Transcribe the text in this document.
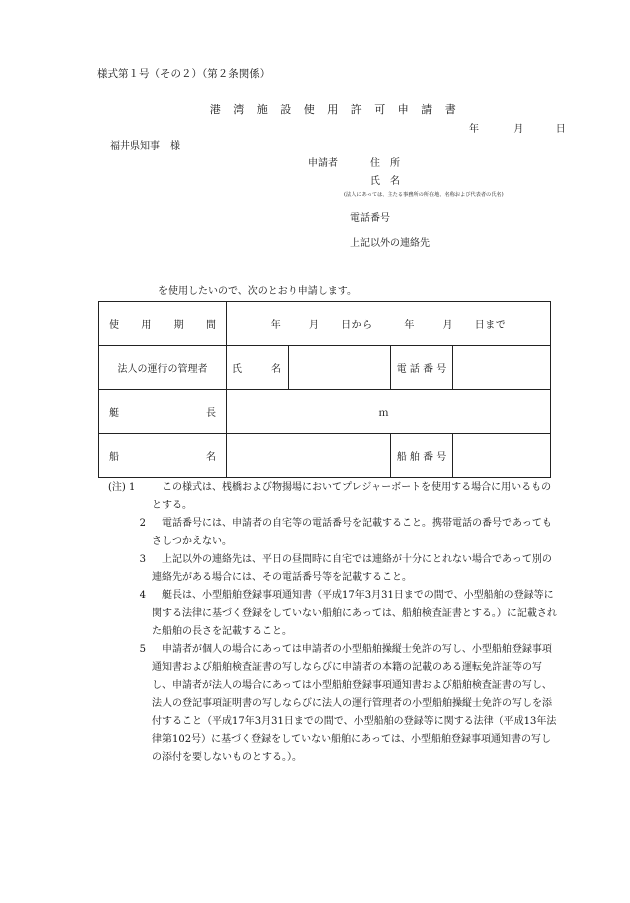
様式第１号（その２）（第２条関係）
港 湾 施 設 使 用 許 可 申 請 書
年	月	日
福井県知事　様
申請者	住　所
氏　名
(法人にあっては、主たる事務所の所在地、名称および代表者の氏名)
電話番号
上記以外の連絡先
を使用したいので、次のとおり申請します。
使 用 期 間	年 月 日から 年 月 日まで			
法人の運行の管理者	氏 名		電 話 番 号	

艇 長	ｍ			

船 名			船 舶 番 号	
(注) 1	この様式は、桟橋および物揚場においてプレジャーボートを使用する場合に用いるものとする。
2	電話番号には、申請者の自宅等の電話番号を記載すること。携帯電話の番号であってもさしつかえない。
3	上記以外の連絡先は、平日の昼間時に自宅では連絡が十分にとれない場合であって別の連絡先がある場合には、その電話番号等を記載すること。
4	艇長は、小型船舶登録事項通知書（平成17年3月31日までの間で、小型船舶の登録等に関する法律に基づく登録をしていない船舶にあっては、船舶検査証書とする。）に記載された船舶の長さを記載すること。
5	申請者が個人の場合にあっては申請者の小型船舶操縦士免許の写し、小型船舶登録事項通知書および船舶検査証書の写しならびに申請者の本籍の記載のある運転免許証等の写し、申請者が法人の場合にあっては小型船舶登録事項通知書および船舶検査証書の写し、法人の登記事項証明書の写しならびに法人の運行管理者の小型船舶操縦士免許の写しを添付すること（平成17年3月31日までの間で、小型船舶の登録等に関する法律（平成13年法律第102号）に基づく登録をしていない船舶にあっては、小型船舶登録事項通知書の写しの添付を要しないものとする。）。
